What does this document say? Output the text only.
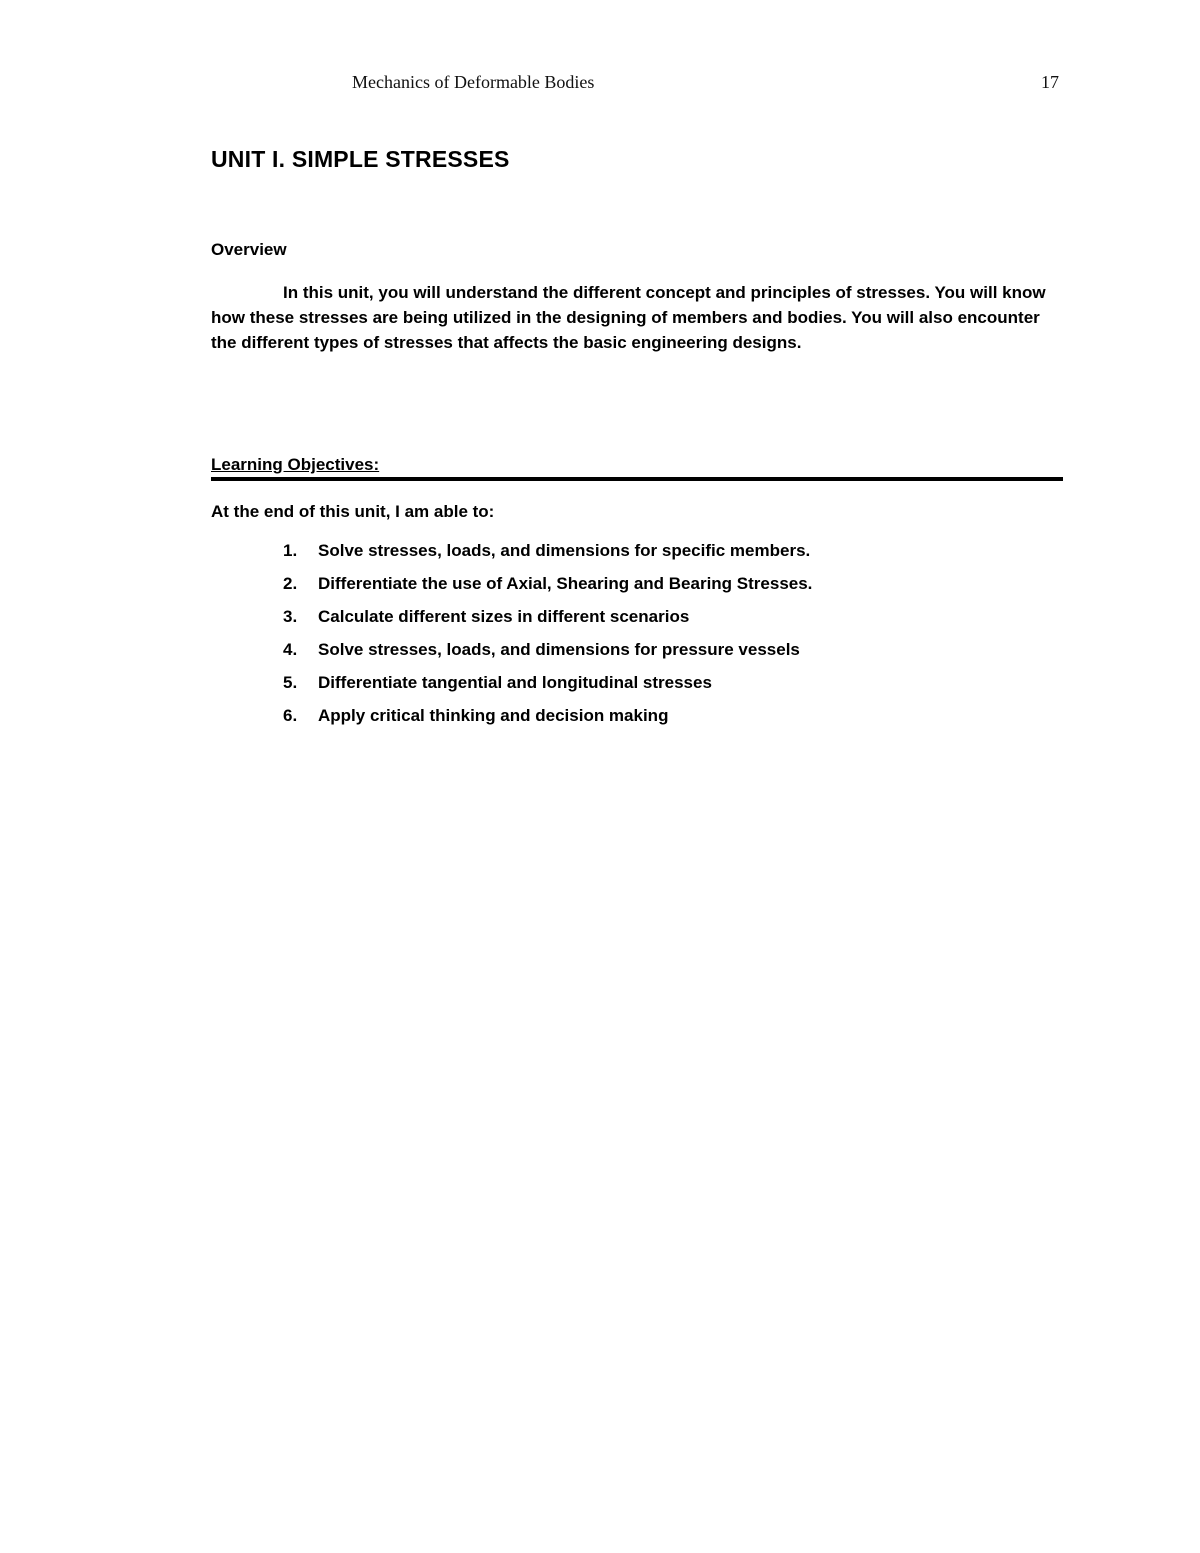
Mechanics of Deformable Bodies	17
UNIT I. SIMPLE STRESSES
Overview

In this unit, you will understand the different concept and principles of stresses. You will know how these stresses are being utilized in the designing of members and bodies. You will also encounter the different types of stresses that affects the basic engineering designs.

Learning Objectives:

At the end of this unit, I am able to:

1.	Solve stresses, loads, and dimensions for specific members.
2.	Differentiate the use of Axial, Shearing and Bearing Stresses.
3.	Calculate different sizes in different scenarios
4.	Solve stresses, loads, and dimensions for pressure vessels
5.	Differentiate tangential and longitudinal stresses
6.	Apply critical thinking and decision making
